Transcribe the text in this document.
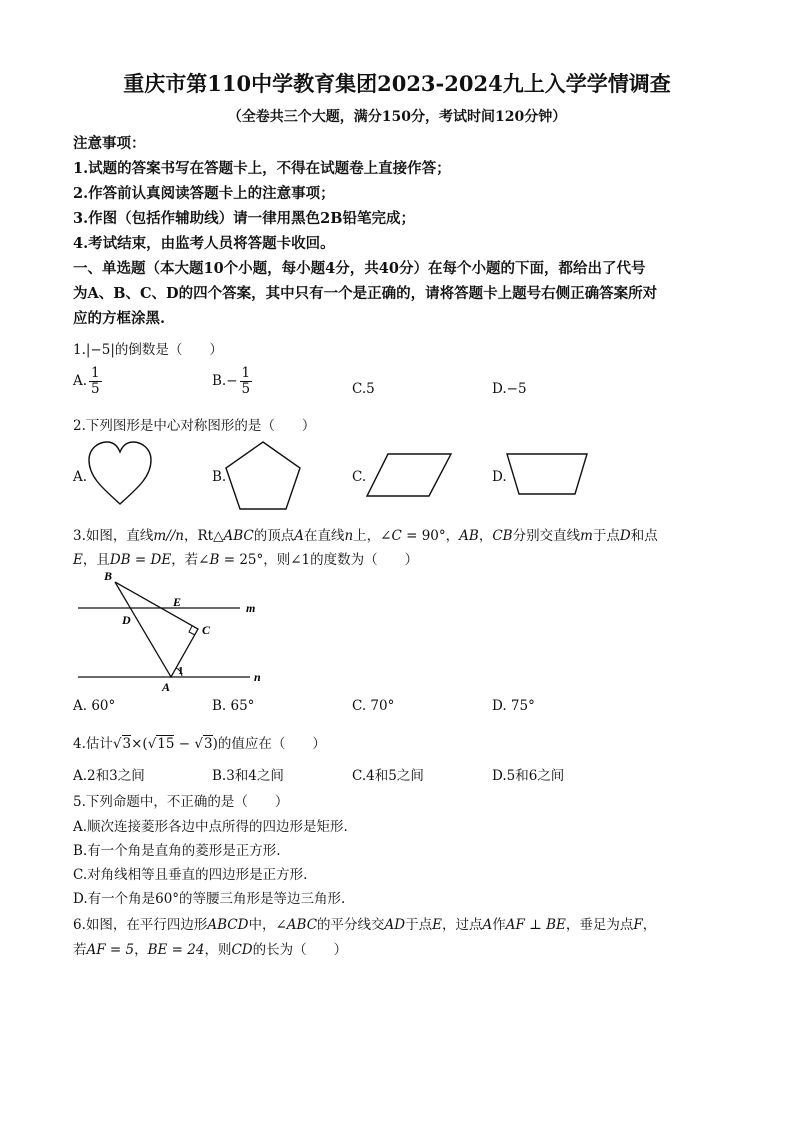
重庆市第110中学教育集团2023-2024九上入学学情调查
（全卷共三个大题，满分150分，考试时间120分钟）
注意事项：
1.试题的答案书写在答题卡上，不得在试题卷上直接作答；
2.作答前认真阅读答题卡上的注意事项；
3.作图（包括作辅助线）请一律用黑色2B铅笔完成；
4.考试结束，由监考人员将答题卡收回。
一、单选题（本大题10个小题，每小题4分，共40分）在每个小题的下面，都给出了代号
为A、B、C、D的四个答案，其中只有一个是正确的，请将答题卡上题号右侧正确答案所对
应的方框涂黑.
1.|−5|的倒数是（　　）
A. $\frac{1}{5}$	$B.- \frac{1}{5}$	C.5	D.−5
2.下列图形是中心对称图形的是（　　）
A.	B.	C.	D.
3.如图，直线m//n，Rt△ABC的顶点A在直线n上，∠C = 90°，AB，CB分别交直线m于点D和点
E，且DB = DE，若∠B = 25°，则∠1的度数为（　　）
B
E	m
D
C
1
A
n
A. 60°	B. 65°	C. 70°	D. 75°
4.估计√3×(√15 − √3)的值应在（　　）
A.2和3之间	B.3和4之间	C.4和5之间	D.5和6之间
5.下列命题中，不正确的是（　　）
A.顺次连接菱形各边中点所得的四边形是矩形.
B.有一个角是直角的菱形是正方形.
C.对角线相等且垂直的四边形是正方形.
D.有一个角是60°的等腰三角形是等边三角形.
6.如图，在平行四边形ABCD中，∠ABC的平分线交AD于点E，过点A作AF ⊥ BE，垂足为点F，
若AF = 5，BE = 24，则CD的长为（　　）
